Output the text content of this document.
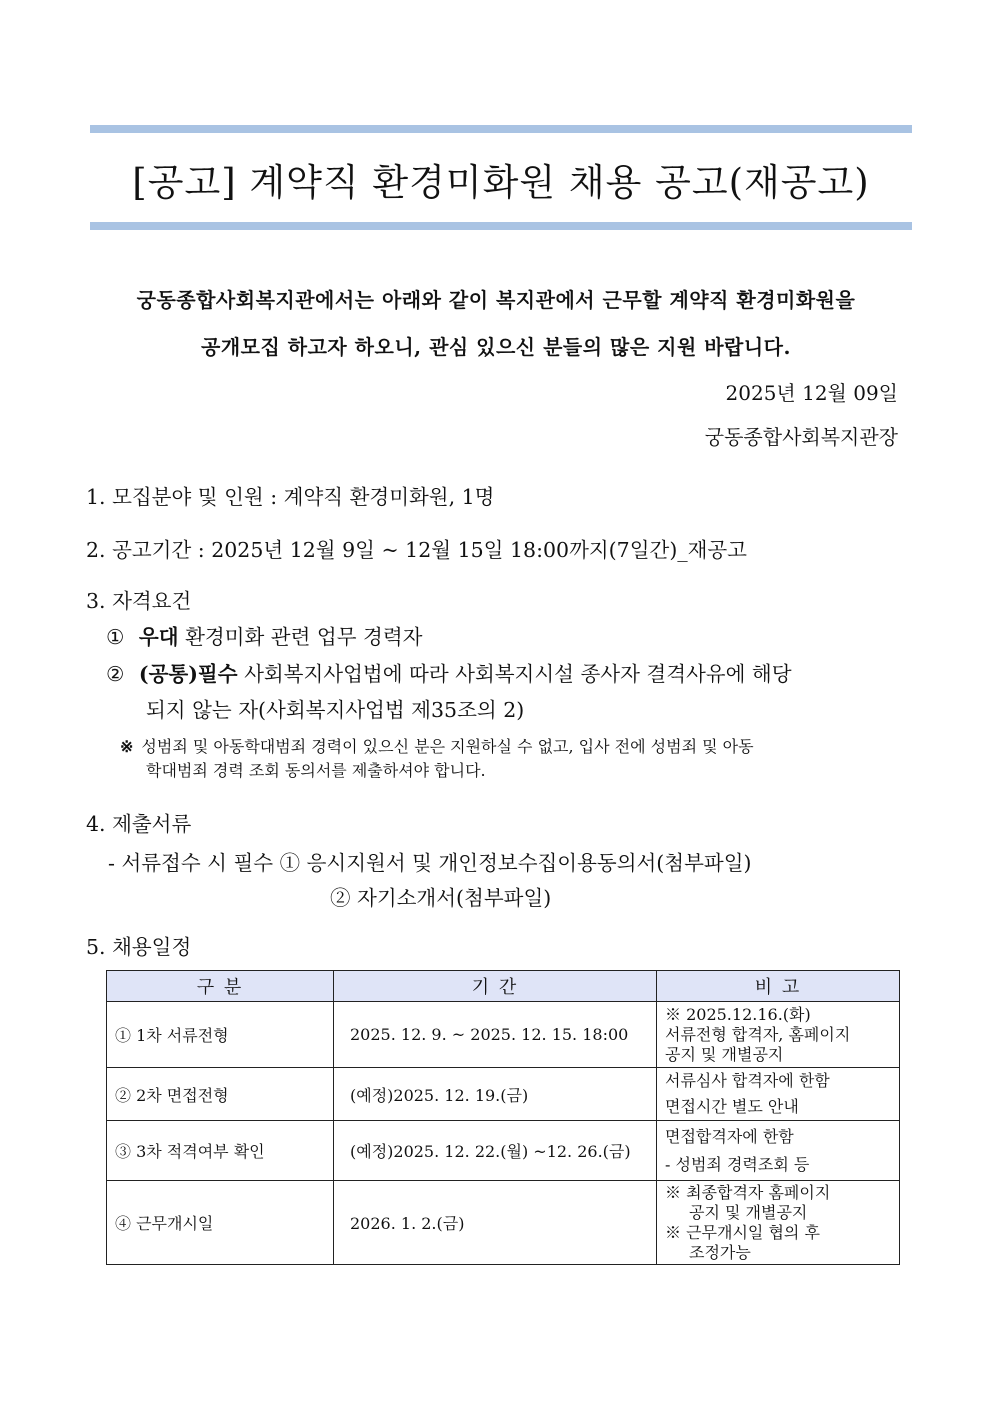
[공고] 계약직 환경미화원 채용 공고(재공고)
궁동종합사회복지관에서는 아래와 같이 복지관에서 근무할 계약직 환경미화원을
공개모집 하고자 하오니, 관심 있으신 분들의 많은 지원 바랍니다.
2025년 12월 09일
궁동종합사회복지관장
1. 모집분야 및 인원 : 계약직 환경미화원, 1명
2. 공고기간 : 2025년 12월 9일 ~ 12월 15일 18:00까지(7일간)_재공고
3. 자격요건
① 우대 환경미화 관련 업무 경력자
② (공통)필수 사회복지사업법에 따라 사회복지시설 종사자 결격사유에 해당
되지 않는 자(사회복지사업법 제35조의 2)
※ 성범죄 및 아동학대범죄 경력이 있으신 분은 지원하실 수 없고, 입사 전에 성범죄 및 아동
학대범죄 경력 조회 동의서를 제출하셔야 합니다.
4. 제출서류
- 서류접수 시 필수 ① 응시지원서 및 개인정보수집이용동의서(첨부파일)
② 자기소개서(첨부파일)
5. 채용일정
구 분	기 간	비 고
① 1차 서류전형	2025. 12. 9. ~ 2025. 12. 15. 18:00	※ 2025.12.16.(화)
서류전형 합격자, 홈페이지
공지 및 개별공지
② 2차 면접전형	(예정)2025. 12. 19.(금)	서류심사 합격자에 한함
면접시간 별도 안내
③ 3차 적격여부 확인	(예정)2025. 12. 22.(월) ~12. 26.(금)	면접합격자에 한함
- 성범죄 경력조회 등
④ 근무개시일	2026. 1. 2.(금)	※ 최종합격자 홈페이지

공지 및 개별공지
※ 근무개시일 협의 후

조정가능
